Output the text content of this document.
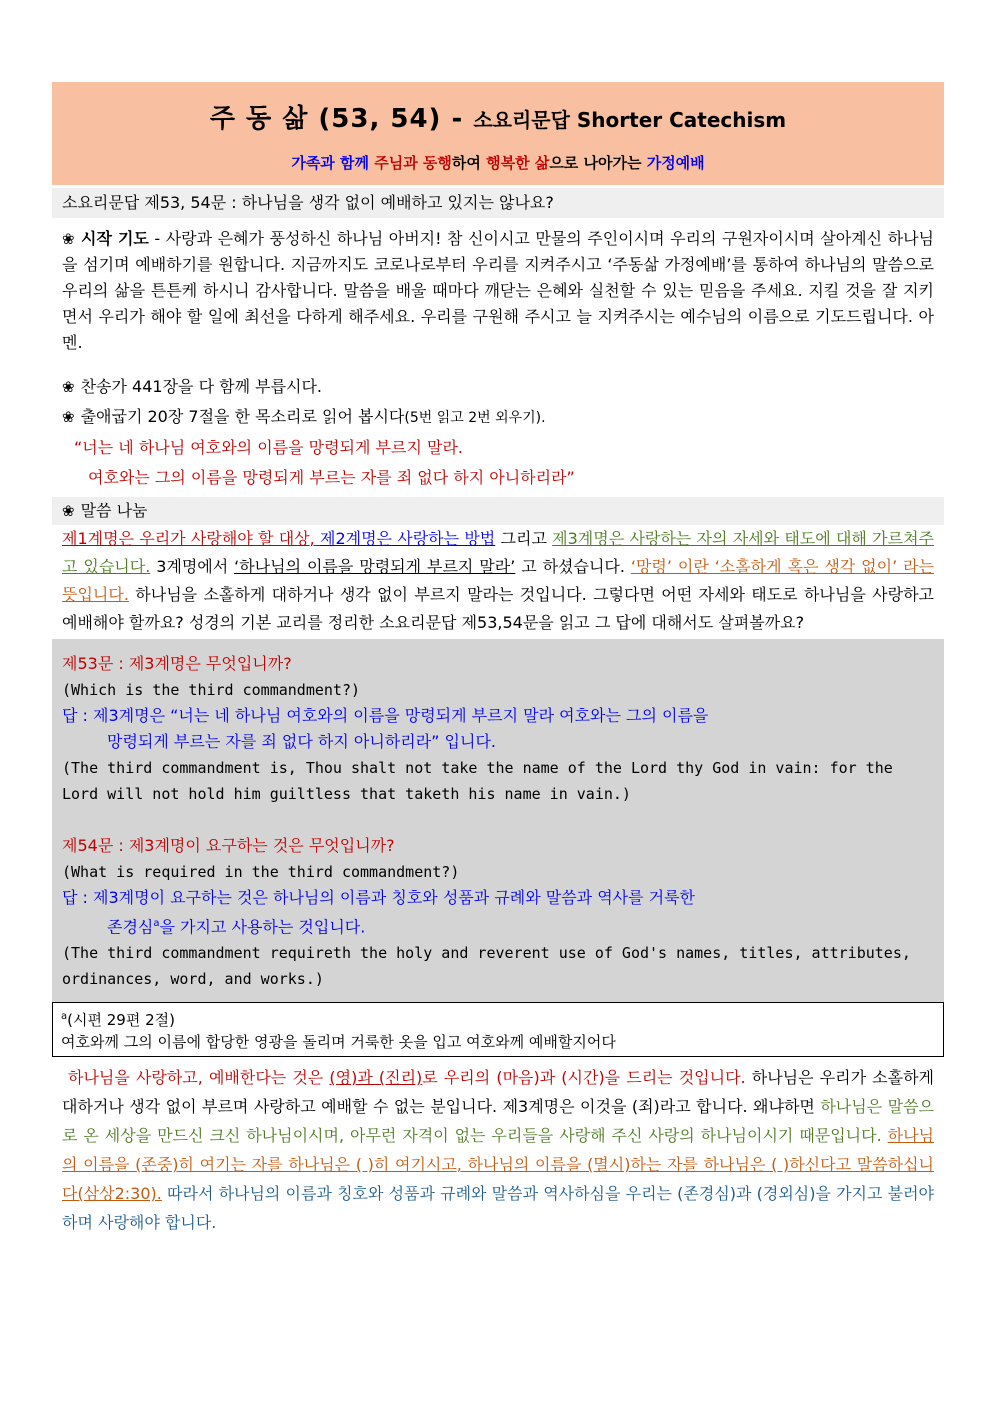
주 동 삶 (53, 54) - 소요리문답 Shorter Catechism
가족과 함께 주님과 동행하여 행복한 삶으로 나아가는 가정예배
소요리문답 제53, 54문 : 하나님을 생각 없이 예배하고 있지는 않나요?
❀ 시작 기도 - 사랑과 은혜가 풍성하신 하나님 아버지! 참 신이시고 만물의 주인이시며 우리의 구원자이시며 살아계신 하나님을 섬기며 예배하기를 원합니다. 지금까지도 코로나로부터 우리를 지켜주시고 ‘주동삶 가정예배’를 통하여 하나님의 말씀으로 우리의 삶을 튼튼케 하시니 감사합니다. 말씀을 배울 때마다 깨닫는 은혜와 실천할 수 있는 믿음을 주세요. 지킬 것을 잘 지키면서 우리가 해야 할 일에 최선을 다하게 해주세요. 우리를 구원해 주시고 늘 지켜주시는 예수님의 이름으로 기도드립니다. 아멘.
❀ 찬송가 441장을 다 함께 부릅시다.
❀ 출애굽기 20장 7절을 한 목소리로 읽어 봅시다(5번 읽고 2번 외우기).
“너는 네 하나님 여호와의 이름을 망령되게 부르지 말라.
여호와는 그의 이름을 망령되게 부르는 자를 죄 없다 하지 아니하리라”
❀ 말씀 나눔
제1계명은 우리가 사랑해야 할 대상, 제2계명은 사랑하는 방법 그리고 제3계명은 사랑하는 자의 자세와 태도에 대해 가르쳐주고 있습니다. 3계명에서 ‘하나님의 이름을 망령되게 부르지 말라’ 고 하셨습니다. ‘망령’ 이란 ‘소홀하게 혹은 생각 없이’ 라는 뜻입니다. 하나님을 소홀하게 대하거나 생각 없이 부르지 말라는 것입니다. 그렇다면 어떤 자세와 태도로 하나님을 사랑하고 예배해야 할까요? 성경의 기본 교리를 정리한 소요리문답 제53,54문을 읽고 그 답에 대해서도 살펴볼까요?
제53문 : 제3계명은 무엇입니까?
(Which is the third commandment?)
답 : 제3계명은 “너는 네 하나님 여호와의 이름을 망령되게 부르지 말라 여호와는 그의 이름을
망령되게 부르는 자를 죄 없다 하지 아니하리라” 입니다.
(The third commandment is, Thou shalt not take the name of the Lord thy God in vain: for the Lord will not hold him guiltless that taketh his name in vain.)
제54문 : 제3계명이 요구하는 것은 무엇입니까?
(What is required in the third commandment?)
답 : 제3계명이 요구하는 것은 하나님의 이름과 칭호와 성품과 규례와 말씀과 역사를 거룩한
존경심$^a$을 가지고 사용하는 것입니다.
(The third commandment requireth the holy and reverent use of God's names, titles, attributes, ordinances, word, and works.)
$^a$(시편 29편 2절)
여호와께 그의 이름에 합당한 영광을 돌리며 거룩한 옷을 입고 여호와께 예배할지어다
하나님을 사랑하고, 예배한다는 것은 (영)과 (진리)로 우리의 (마음)과 (시간)을 드리는 것입니다. 하나님은 우리가 소홀하게 대하거나 생각 없이 부르며 사랑하고 예배할 수 없는 분입니다. 제3계명은 이것을 (죄)라고 합니다. 왜냐하면 하나님은 말씀으로 온 세상을 만드신 크신 하나님이시며, 아무런 자격이 없는 우리들을 사랑해 주신 사랑의 하나님이시기 때문입니다. 하나님의 이름을 (존중)히 여기는 자를 하나님은 ( )히 여기시고, 하나님의 이름을 (멸시)하는 자를 하나님은 ( )하신다고 말씀하십니다(삼상2:30). 따라서 하나님의 이름과 칭호와 성품과 규례와 말씀과 역사하심을 우리는 (존경심)과 (경외심)을 가지고 불러야 하며 사랑해야 합니다.
